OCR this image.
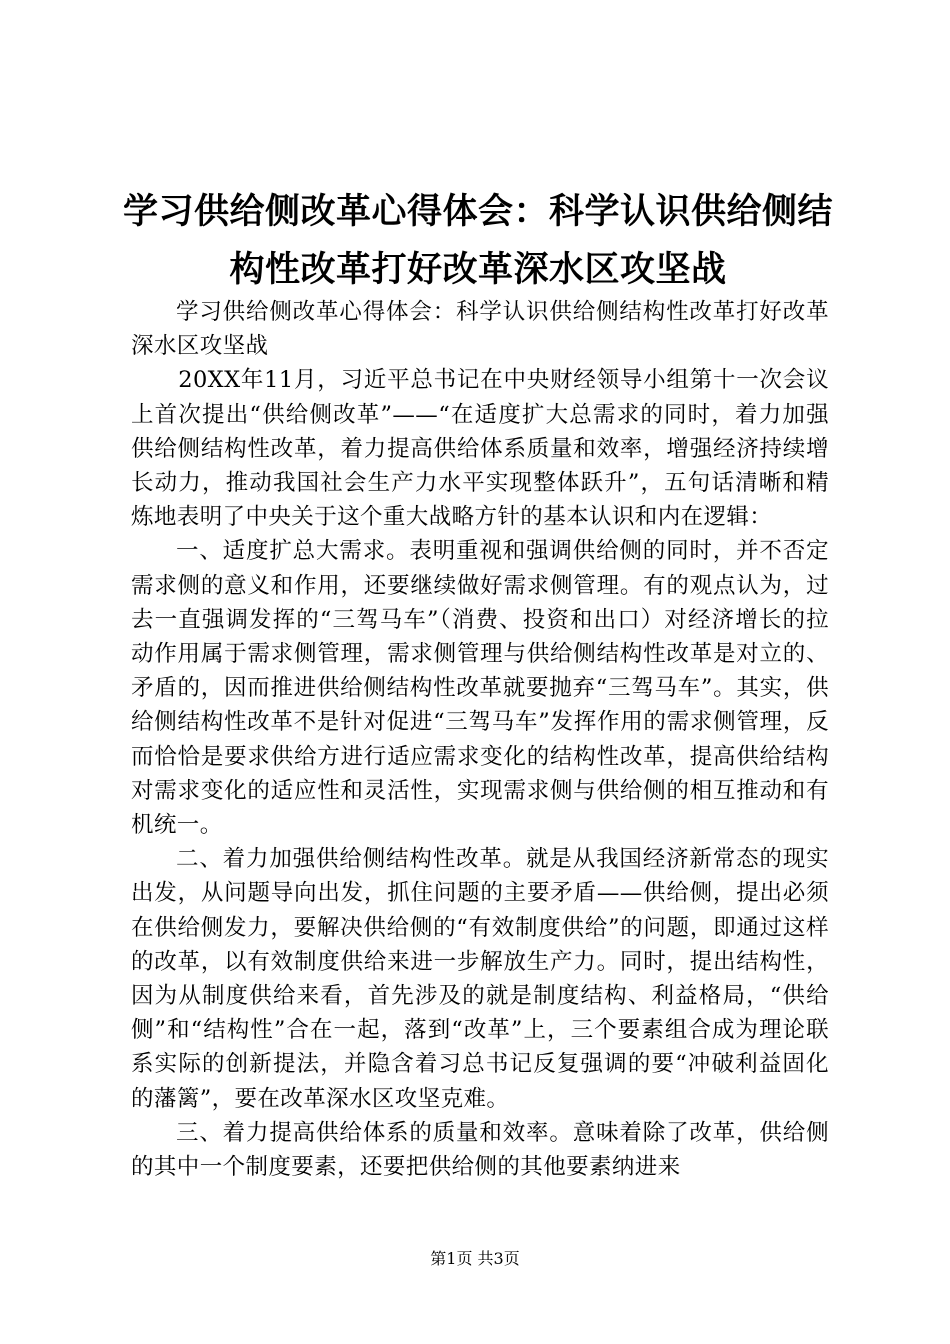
学习供给侧改革心得体会：科学认识供给侧结构性改革打好改革深水区攻坚战

学习供给侧改革心得体会：科学认识供给侧结构性改革打好改革深水区攻坚战

20XX年11月，习近平总书记在中央财经领导小组第十一次会议上首次提出“供给侧改革”——“在适度扩大总需求的同时，着力加强供给侧结构性改革，着力提高供给体系质量和效率，增强经济持续增长动力，推动我国社会生产力水平实现整体跃升”，五句话清晰和精炼地表明了中央关于这个重大战略方针的基本认识和内在逻辑：

一、适度扩总大需求。表明重视和强调供给侧的同时，并不否定需求侧的意义和作用，还要继续做好需求侧管理。有的观点认为，过去一直强调发挥的“三驾马车”（消费、投资和出口）对经济增长的拉动作用属于需求侧管理，需求侧管理与供给侧结构性改革是对立的、矛盾的，因而推进供给侧结构性改革就要抛弃“三驾马车”。其实，供给侧结构性改革不是针对促进“三驾马车”发挥作用的需求侧管理，反而恰恰是要求供给方进行适应需求变化的结构性改革，提高供给结构对需求变化的适应性和灵活性，实现需求侧与供给侧的相互推动和有机统一。

二、着力加强供给侧结构性改革。就是从我国经济新常态的现实出发，从问题导向出发，抓住问题的主要矛盾——供给侧，提出必须在供给侧发力，要解决供给侧的“有效制度供给”的问题，即通过这样的改革，以有效制度供给来进一步解放生产力。同时，提出结构性，因为从制度供给来看，首先涉及的就是制度结构、利益格局，“供给侧”和“结构性”合在一起，落到“改革”上，三个要素组合成为理论联系实际的创新提法，并隐含着习总书记反复强调的要“冲破利益固化的藩篱”，要在改革深水区攻坚克难。

三、着力提高供给体系的质量和效率。意味着除了改革，供给侧的其中一个制度要素，还要把供给侧的其他要素纳进来

第1页 共3页
